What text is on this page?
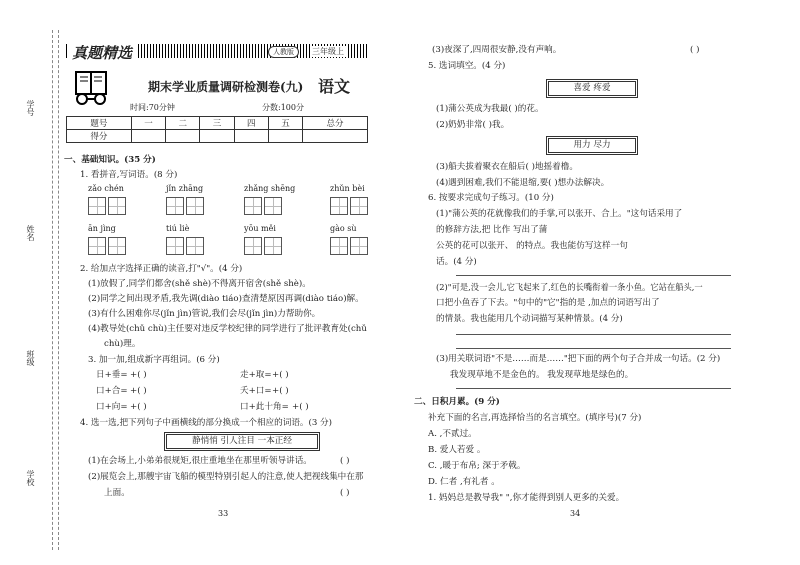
学号
姓名
班级
学校
真题精选	人教版	三年级上
期末学业质量调研检测卷(九) 语文
时间:70分钟	分数:100分
题号	一	二	三	四	五	总分
得分						
一、基础知识。(35 分)
1. 看拼音,写词语。(8 分)
zǎo chén	jǐn zhāng	zhǎng shēng	zhǔn bèi
ān jìng	tiú liè	yōu měi	gào sù
2. 给加点字选择正确的读音,打"√"。(4 分)
(1)放假了,同学们都舍(shě shè)不得离开宿舍(shě shè)。
(2)同学之间出现矛盾,我先调(diào tiáo)查清楚原因再调(diào tiáo)解。
(3)有什么困难你尽(jǐn jìn)管说,我们会尽(jǐn jìn)力帮助你。
(4)教导处(chǔ chù)主任要对违反学校纪律的同学进行了批评教育处(chǔ
chù)理。
3. 加一加,组成新字再组词。(6 分)
日+垂= +( )	走+取= +( )
口+合= +( )	夭+口= +( )
口+向= +( )	口+此十角= +( )
4. 选一选,把下列句子中画横线的部分换成一个相应的词语。(3 分)
静悄悄 引人注目 一本正经
(1)在会场上,小弟弟很规矩,很庄重地坐在那里听领导讲话。	( )
(2)展览会上,那艘宇宙飞船的模型特别引起人的注意,使人把视线集中在那
上面。	( )
33
(3)夜深了,四周很安静,没有声响。	( )
5. 选词填空。(4 分)
喜爱 疼爱
(1)蒲公英成为我最( )的花。
(2)奶奶非常( )我。
用力 尽力
(3)船夫拔着聚衣在船后( )地摇着橹。
(4)遇到困难,我们不能退缩,要( )想办法解决。
6. 按要求完成句子练习。(10 分)
(1)"蒲公英的花就像我们的手掌,可以张开、合上。"这句话采用了
的修辞方法,把 比作 写出了蒲
公英的花可以张开、 的特点。我也能仿写这样一句
话。(4 分)
(2)"可是,没一会儿,它飞起来了,红色的长嘴衔着一条小鱼。它站在船头,一
口把小鱼吞了下去。"句中的"它"指的是 ,加点的词语写出了
的情景。我也能用几个动词描写某种情景。(4 分)
(3)用关联词语"不是……而是……"把下面的两个句子合并成一句话。(2 分)
我发现草地不是金色的。 我发现草地是绿色的。
二、日积月累。(9 分)
补充下面的名言,再选择恰当的名言填空。(填序号)(7 分)
A. ,不贰过。
B. 爱人若爱 。
C. ,暖于布帛; 深于矛戟。
D. 仁者 ,有礼者 。
1. 妈妈总是教导我" ",你才能得到别人更多的关爱。
34
